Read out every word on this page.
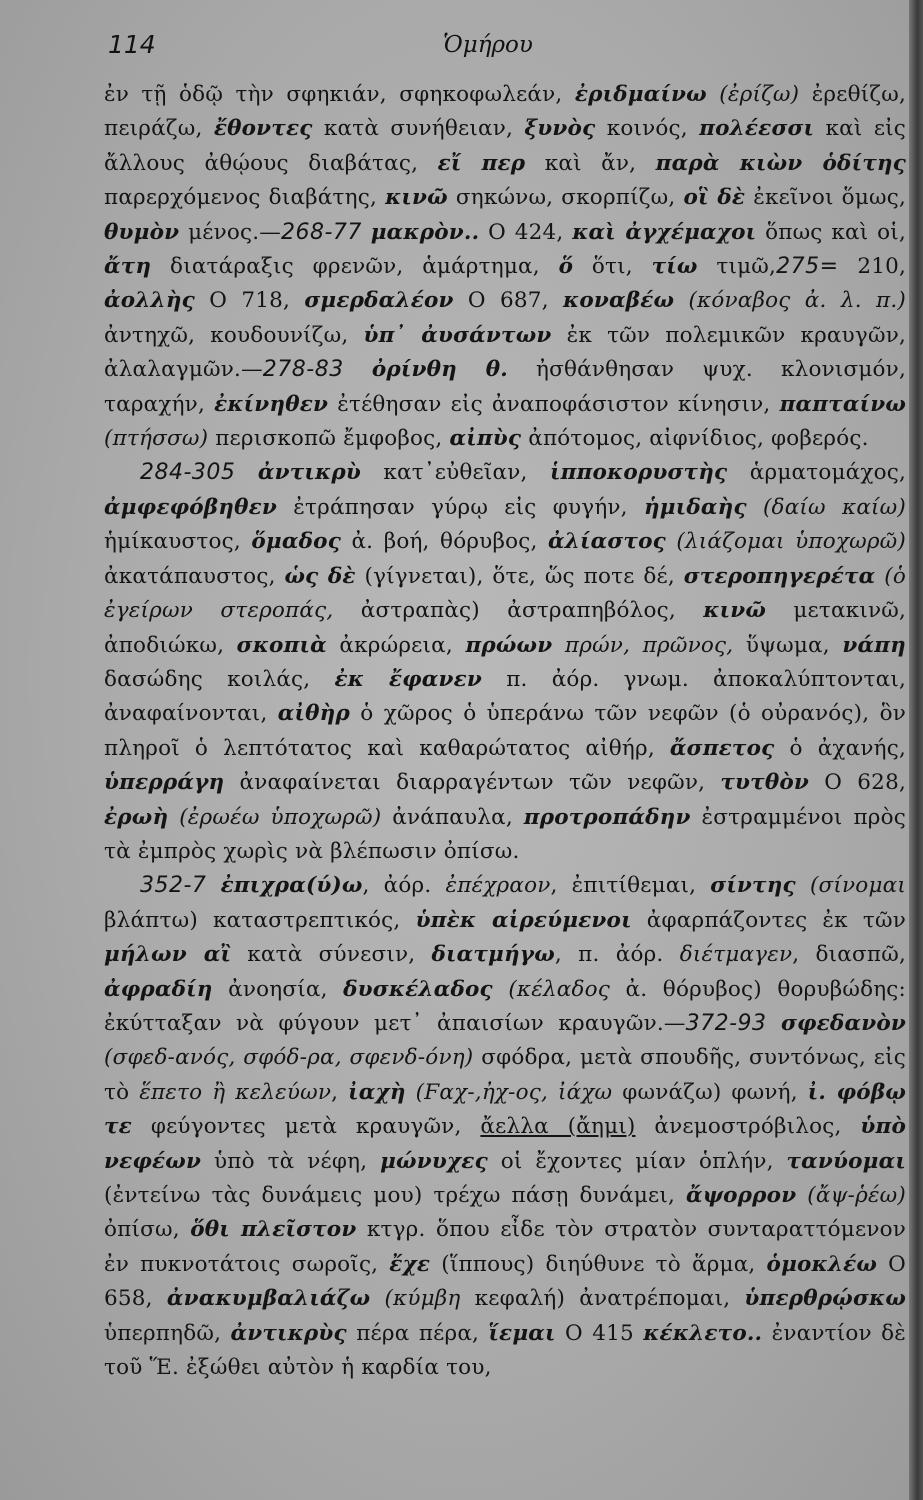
114	Ὁμήρου

ἐν τῇ ὁδῷ τὴν σφηκιάν, σφηκοφωλεάν, ἐριδμαίνω (ἐρίζω) ἐρεθίζω, πειράζω, ἔθοντες κατὰ συνήθειαν, ξυνὸς κοινός, πολέεσσι καὶ εἰς ἄλλους ἀθῴους διαβάτας, εἴ περ καὶ ἄν, παρὰ κιὼν ὁδίτης παρερχόμενος διαβάτης, κινῶ σηκώνω, σκορπίζω, οἳ δὲ ἐκεῖνοι ὅμως, θυμὸν μένος.—268-77 μακρὸν.. Ο 424, καὶ ἀγχέμαχοι ὅπως καὶ οἱ, ἄτη διατάραξις φρενῶν, ἁμάρτημα, ὅ ὅτι, τίω τιμῶ,275= 210, ἀολλὴς Ο 718, σμερδαλέον Ο 687, κοναβέω (κόναβος ἀ. λ. π.) ἀντηχῶ, κουδουνίζω, ὑπ᾽ ἀυσάντων ἐκ τῶν πολεμικῶν κραυγῶν, ἀλαλαγμῶν.—278-83 ὀρίνθη θ. ἠσθάνθησαν ψυχ. κλονισμόν, ταραχήν, ἐκίνηθεν ἐτέθησαν εἰς ἀναποφάσιστον κίνησιν, παπταίνω (πτήσσω) περισκοπῶ ἔμφοβος, αἰπὺς ἀπότομος, αἰφνίδιος, φοβερός.

284-305 ἀντικρὺ κατ᾽εὐθεῖαν, ἱπποκορυστὴς ἁρματομάχος, ἀμφεφόβηθεν ἐτράπησαν γύρῳ εἰς φυγήν, ἡμιδαὴς (δαίω καίω) ἡμίκαυστος, ὅμαδος ἀ. βοή, θόρυβος, ἀλίαστος (λιάζομαι ὑποχωρῶ) ἀκατάπαυστος, ὡς δὲ (γίγνεται), ὅτε, ὥς ποτε δέ, στεροπηγερέτα (ὁ ἐγείρων στεροπάς, ἀστραπὰς) ἀστραπηβόλος, κινῶ μετακινῶ, ἀποδιώκω, σκοπιὰ ἀκρώρεια, πρώων πρών, πρῶνος, ὕψωμα, νάπη δασώδης κοιλάς, ἐκ ἔφανεν π. ἀόρ. γνωμ. ἀποκαλύπτονται, ἀναφαίνονται, αἰθὴρ ὁ χῶρος ὁ ὑπεράνω τῶν νεφῶν (ὁ οὐρανός), ὃν πληροῖ ὁ λεπτότατος καὶ καθαρώτατος αἰθήρ, ἄσπετος ὁ ἀχανής, ὑπερράγη ἀναφαίνεται διαρραγέντων τῶν νεφῶν, τυτθὸν Ο 628, ἐρωὴ (ἐρωέω ὑποχωρῶ) ἀνάπαυλα, προτροπάδην ἐστραμμένοι πρὸς τὰ ἐμπρὸς χωρὶς νὰ βλέπωσιν ὀπίσω.

352-7 ἐπιχρα(ύ)ω, ἀόρ. ἐπέχραον, ἐπιτίθεμαι, σίντης (σίνομαι βλάπτω) καταστρεπτικός, ὑπὲκ αἱρεύμενοι ἀφαρπάζοντες ἐκ τῶν μήλων αἲ κατὰ σύνεσιν, διατμήγω, π. ἀόρ. διέτμαγεν, διασπῶ, ἀφραδίη ἀνοησία, δυσκέλαδος (κέλαδος ἀ. θόρυβος) θορυβώδης: ἐκύτταξαν νὰ φύγουν μετ᾽ ἀπαισίων κραυγῶν.—372-93 σφεδανὸν (σφεδ-ανός, σφόδ-ρα, σφενδ-όνη) σφόδρα, μετὰ σπουδῆς, συντόνως, εἰς τὸ ἕπετο ἢ κελεύων, ἰαχὴ (Ϝαχ-,ἠχ-ος, ἰάχω φωνάζω) φωνή, ἰ. φόβῳ τε φεύγοντες μετὰ κραυγῶν, ἄελλα (ἄημι) ἀνεμοστρόβιλος, ὑπὸ νεφέων ὑπὸ τὰ νέφη, μώνυχες οἱ ἔχοντες μίαν ὁπλήν, τανύομαι (ἐντείνω τὰς δυνάμεις μου) τρέχω πάσῃ δυνάμει, ἄψορρον (ἄψ-ῥέω) ὀπίσω, ὅθι πλεῖστον κτγρ. ὅπου εἶδε τὸν στρατὸν συνταραττόμενον ἐν πυκνοτάτοις σωροῖς, ἔχε (ἵππους) διηύθυνε τὸ ἅρμα, ὁμοκλέω Ο 658, ἀνακυμβαλιάζω (κύμβη κεφαλή) ἀνατρέπομαι, ὑπερθρῴσκω ὑπερπηδῶ, ἀντικρὺς πέρα πέρα, ἵεμαι Ο 415 κέκλετο.. ἐναντίον δὲ τοῦ Ἕ. ἐξώθει αὐτὸν ἡ καρδία του,
